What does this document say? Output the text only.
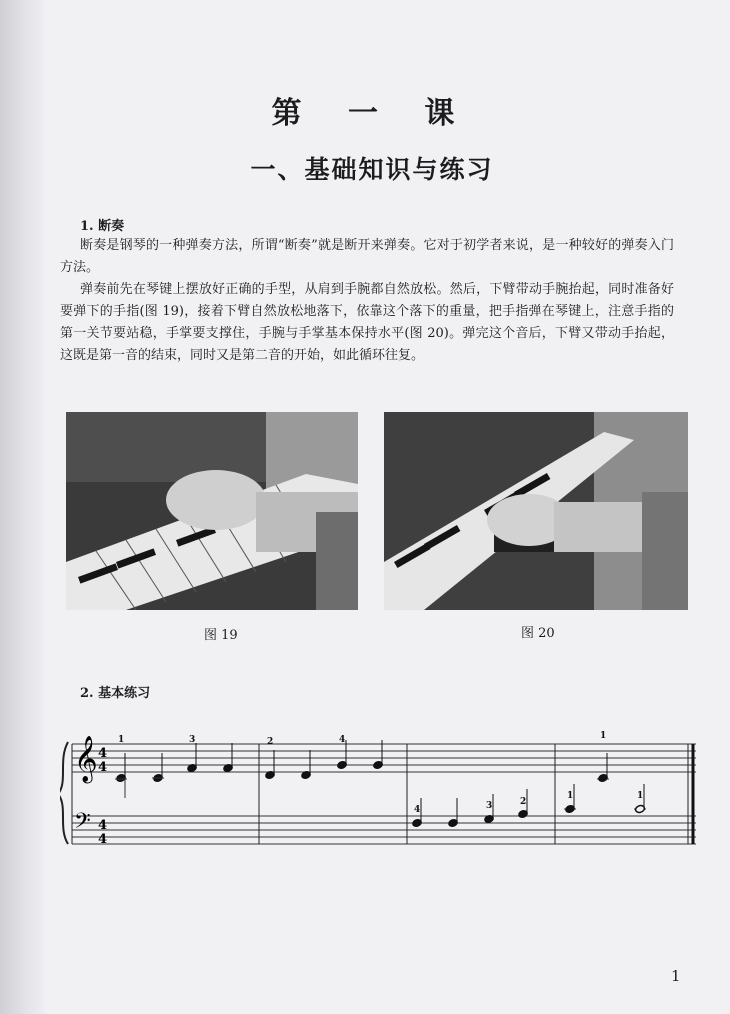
第 一 课
一、基础知识与练习
1. 断奏
断奏是钢琴的一种弹奏方法，所谓“断奏”就是断开来弹奏。它对于初学者来说，是一种较好的弹奏入门方法。
弹奏前先在琴键上摆放好正确的手型，从肩到手腕都自然放松。然后，下臂带动手腕抬起，同时准备好要弹下的手指(图 19)，接着下臂自然放松地落下，依靠这个落下的重量，把手指弹在琴键上，注意手指的第一关节要站稳，手掌要支撑住，手腕与手掌基本保持水平(图 20)。弹完这个音后，下臂又带动手抬起，这既是第一音的结束，同时又是第二音的开始，如此循环往复。
图 19	图 20
2. 基本练习
𝄞
𝄢
4
4
4
4
1	3	2	4	1
4	3	2
1	1
1
